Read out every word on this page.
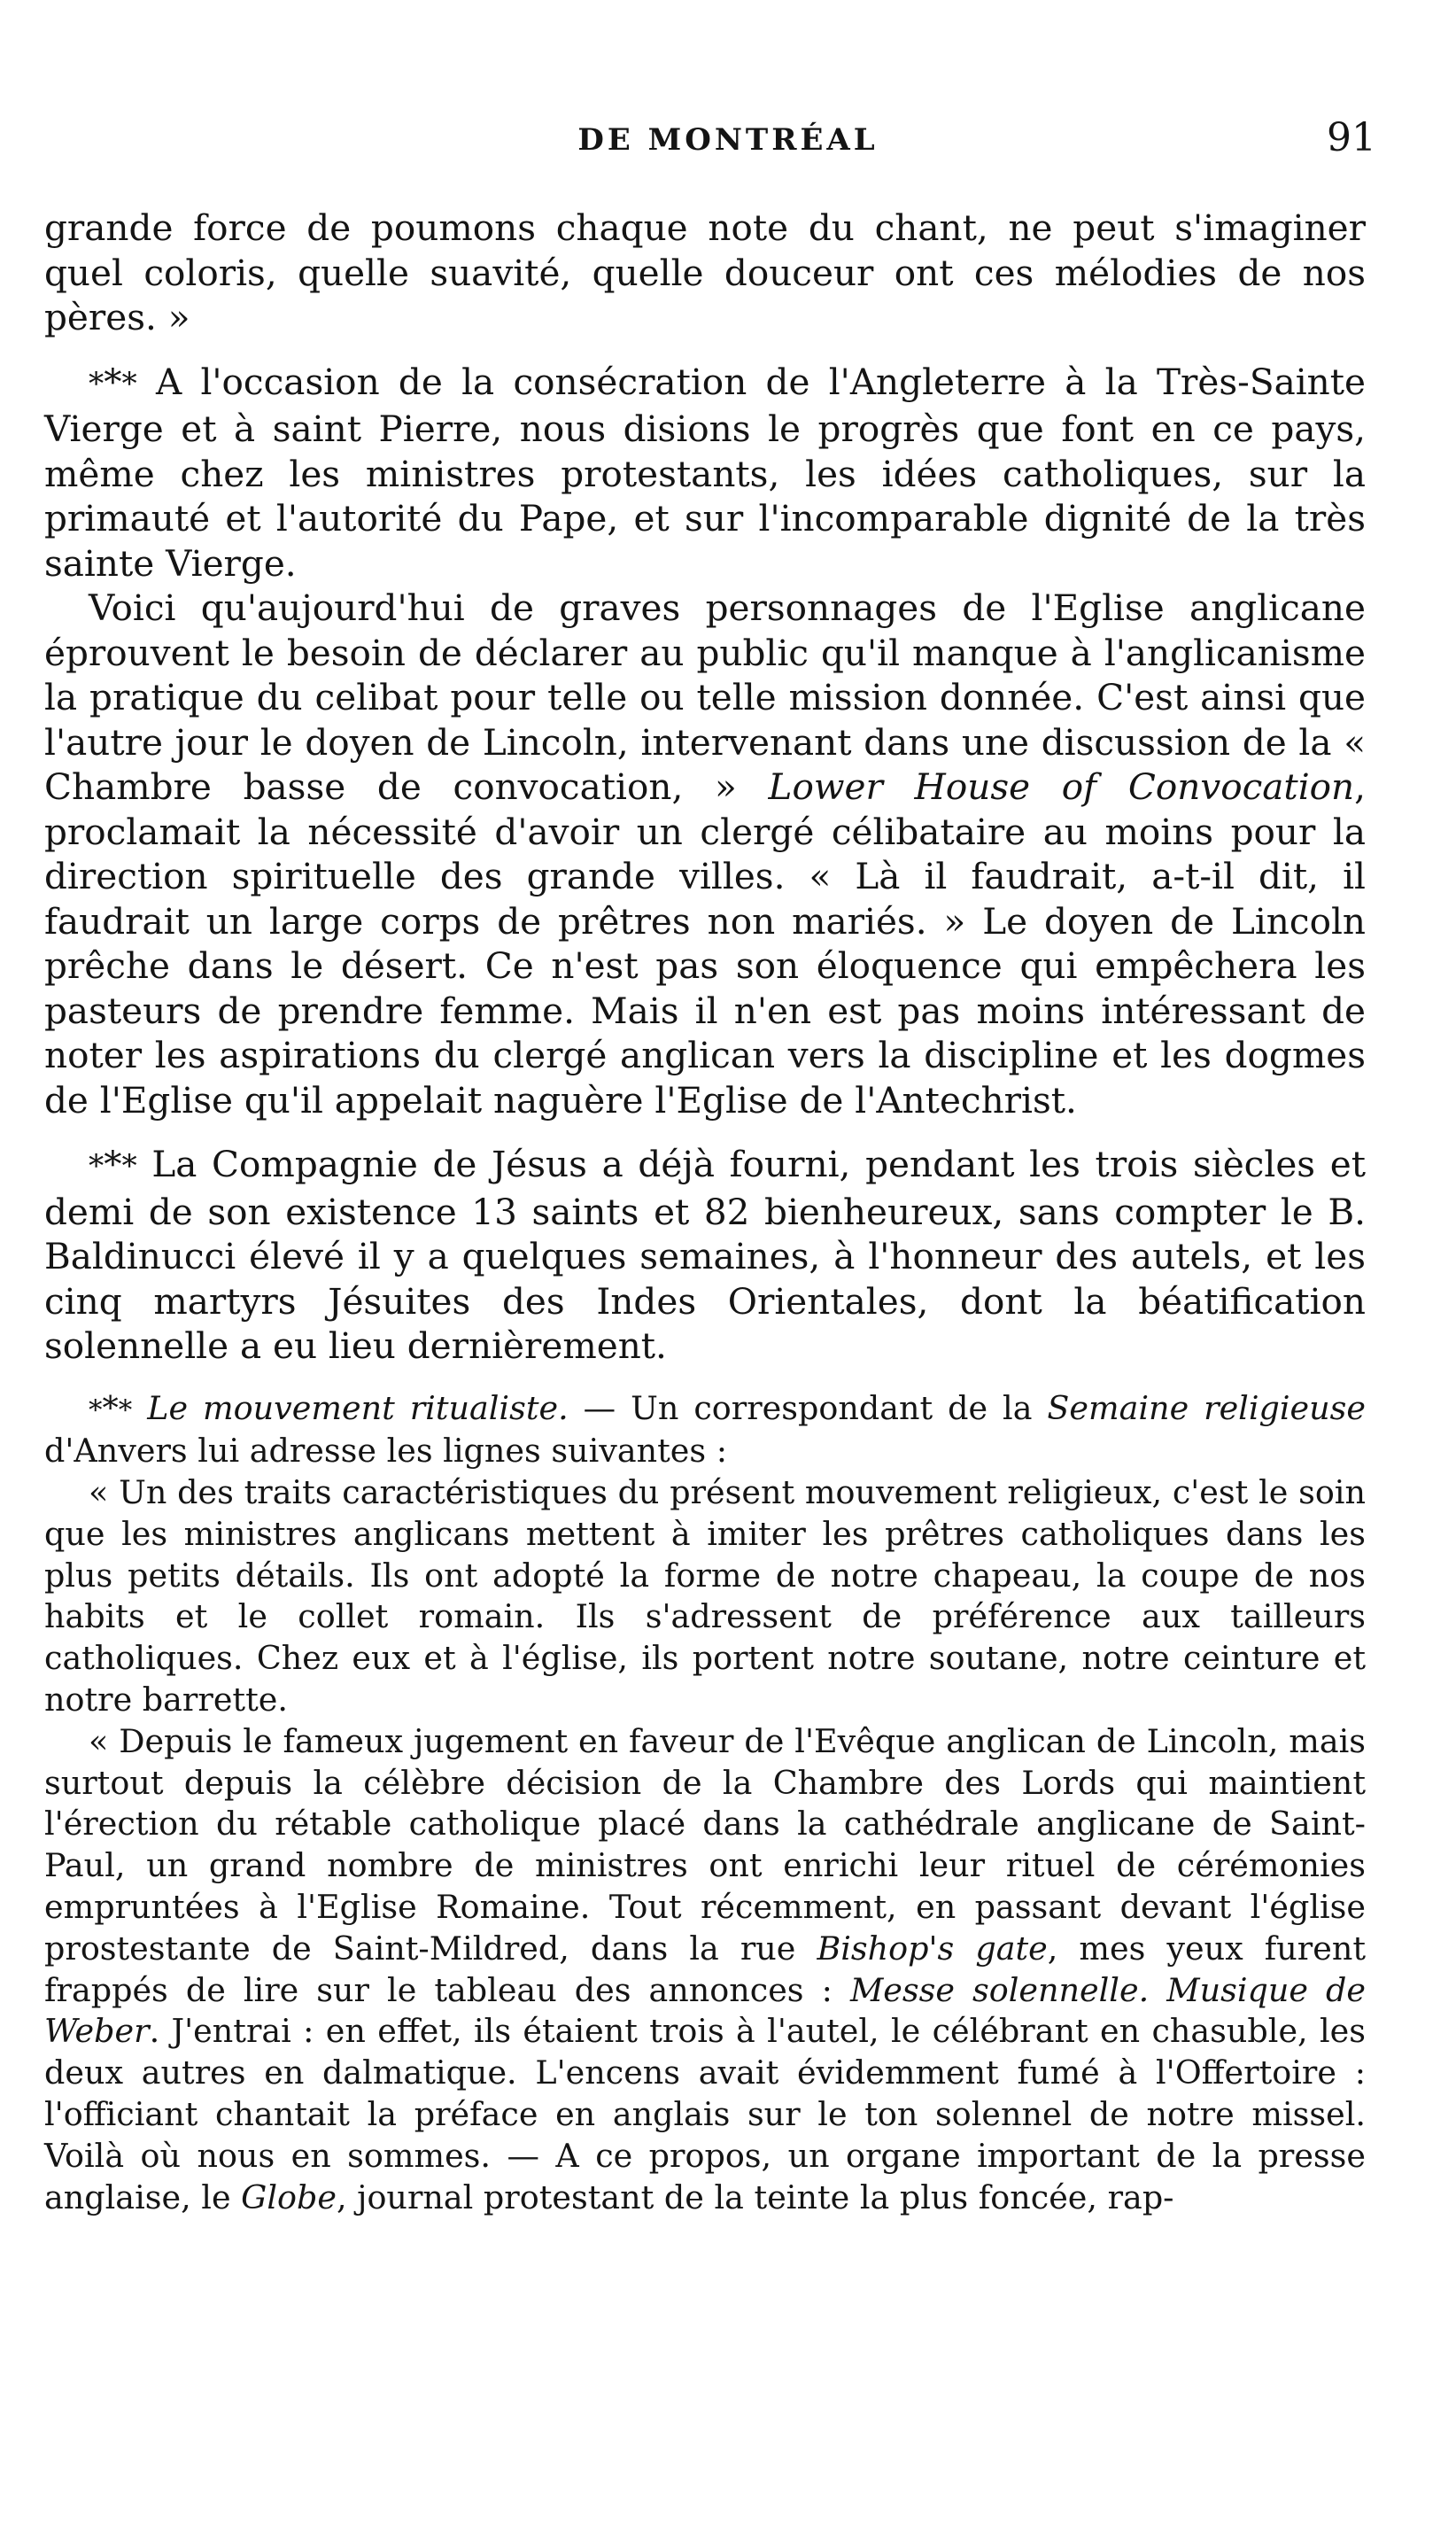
DE MONTRÉAL	91

grande force de poumons chaque note du chant, ne peut s'imaginer quel coloris, quelle suavité, quelle douceur ont ces mélodies de nos pères. »

*** A l'occasion de la consécration de l'Angleterre à la Très-Sainte Vierge et à saint Pierre, nous disions le progrès que font en ce pays, même chez les ministres protestants, les idées catholiques, sur la primauté et l'autorité du Pape, et sur l'incomparable dignité de la très sainte Vierge.

Voici qu'aujourd'hui de graves personnages de l'Eglise anglicane éprouvent le besoin de déclarer au public qu'il manque à l'anglicanisme la pratique du celibat pour telle ou telle mission donnée. C'est ainsi que l'autre jour le doyen de Lincoln, intervenant dans une discussion de la « Chambre basse de convocation, » Lower House of Convocation, proclamait la nécessité d'avoir un clergé célibataire au moins pour la direction spirituelle des grande villes. « Là il faudrait, a-t-il dit, il faudrait un large corps de prêtres non mariés. » Le doyen de Lincoln prêche dans le désert. Ce n'est pas son éloquence qui empêchera les pasteurs de prendre femme. Mais il n'en est pas moins intéressant de noter les aspirations du clergé anglican vers la discipline et les dogmes de l'Eglise qu'il appelait naguère l'Eglise de l'Antechrist.

*** La Compagnie de Jésus a déjà fourni, pendant les trois siècles et demi de son existence 13 saints et 82 bienheureux, sans compter le B. Baldinucci élevé il y a quelques semaines, à l'honneur des autels, et les cinq martyrs Jésuites des Indes Orientales, dont la béatification solennelle a eu lieu dernièrement.

*** Le mouvement ritualiste. — Un correspondant de la Semaine religieuse d'Anvers lui adresse les lignes suivantes :

« Un des traits caractéristiques du présent mouvement religieux, c'est le soin que les ministres anglicans mettent à imiter les prêtres catholiques dans les plus petits détails. Ils ont adopté la forme de notre chapeau, la coupe de nos habits et le collet romain. Ils s'adressent de préférence aux tailleurs catholiques. Chez eux et à l'église, ils portent notre soutane, notre ceinture et notre barrette.

« Depuis le fameux jugement en faveur de l'Evêque anglican de Lincoln, mais surtout depuis la célèbre décision de la Chambre des Lords qui maintient l'érection du rétable catholique placé dans la cathédrale anglicane de Saint-Paul, un grand nombre de ministres ont enrichi leur rituel de cérémonies empruntées à l'Eglise Romaine. Tout récemment, en passant devant l'église prostestante de Saint-Mildred, dans la rue Bishop's gate, mes yeux furent frappés de lire sur le tableau des annonces : Messe solennelle. Musique de Weber. J'entrai : en effet, ils étaient trois à l'autel, le célébrant en chasuble, les deux autres en dalmatique. L'encens avait évidemment fumé à l'Offertoire : l'officiant chantait la préface en anglais sur le ton solennel de notre missel. Voilà où nous en sommes. — A ce propos, un organe important de la presse anglaise, le Globe, journal protestant de la teinte la plus foncée, rap-
